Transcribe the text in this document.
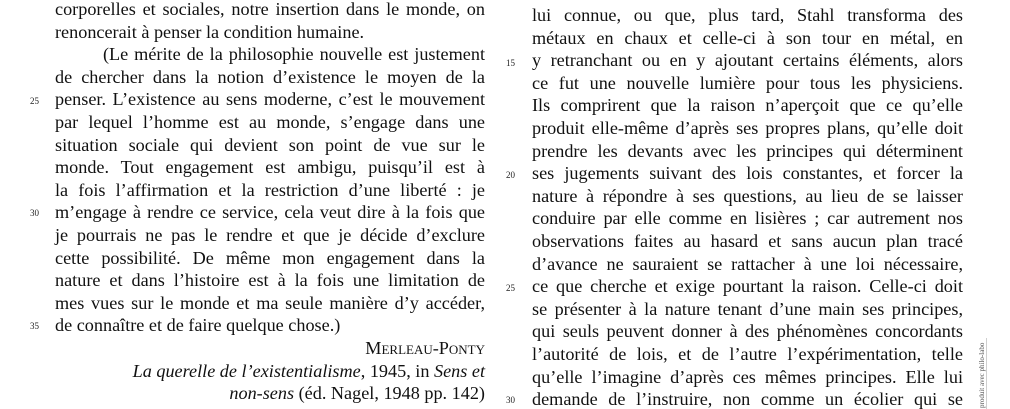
corporelles et sociales, notre insertion dans le monde, on
renoncerait à penser la condition humaine.
(Le mérite de la philosophie nouvelle est justement
de chercher dans la notion d’existence le moyen de la
penser. L’existence au sens moderne, c’est le mouvement
par lequel l’homme est au monde, s’engage dans une
situation sociale qui devient son point de vue sur le
monde. Tout engagement est ambigu, puisqu’il est à
la fois l’affirmation et la restriction d’une liberté : je
m’engage à rendre ce service, cela veut dire à la fois que
je pourrais ne pas le rendre et que je décide d’exclure
cette possibilité. De même mon engagement dans la
nature et dans l’histoire est à la fois une limitation de
mes vues sur le monde et ma seule manière d’y accéder,
de connaître et de faire quelque chose.)
Merleau-Ponty
La querelle de l’existentialisme, 1945, in Sens et
non-sens (éd. Nagel, 1948 pp. 142)
25
30
35
lui connue, ou que, plus tard, Stahl transforma des
métaux en chaux et celle-ci à son tour en métal, en
y retranchant ou en y ajoutant certains éléments, alors
ce fut une nouvelle lumière pour tous les physiciens.
Ils comprirent que la raison n’aperçoit que ce qu’elle
produit elle-même d’après ses propres plans, qu’elle doit
prendre les devants avec les principes qui déterminent
ses jugements suivant des lois constantes, et forcer la
nature à répondre à ses questions, au lieu de se laisser
conduire par elle comme en lisières ; car autrement nos
observations faites au hasard et sans aucun plan tracé
d’avance ne sauraient se rattacher à une loi nécessaire,
ce que cherche et exige pourtant la raison. Celle-ci doit
se présenter à la nature tenant d’une main ses principes,
qui seuls peuvent donner à des phénomènes concordants
l’autorité de lois, et de l’autre l’expérimentation, telle
qu’elle l’imagine d’après ces mêmes principes. Elle lui
demande de l’instruire, non comme un écolier qui se
15
20
25
30	produit avec philo-labo
